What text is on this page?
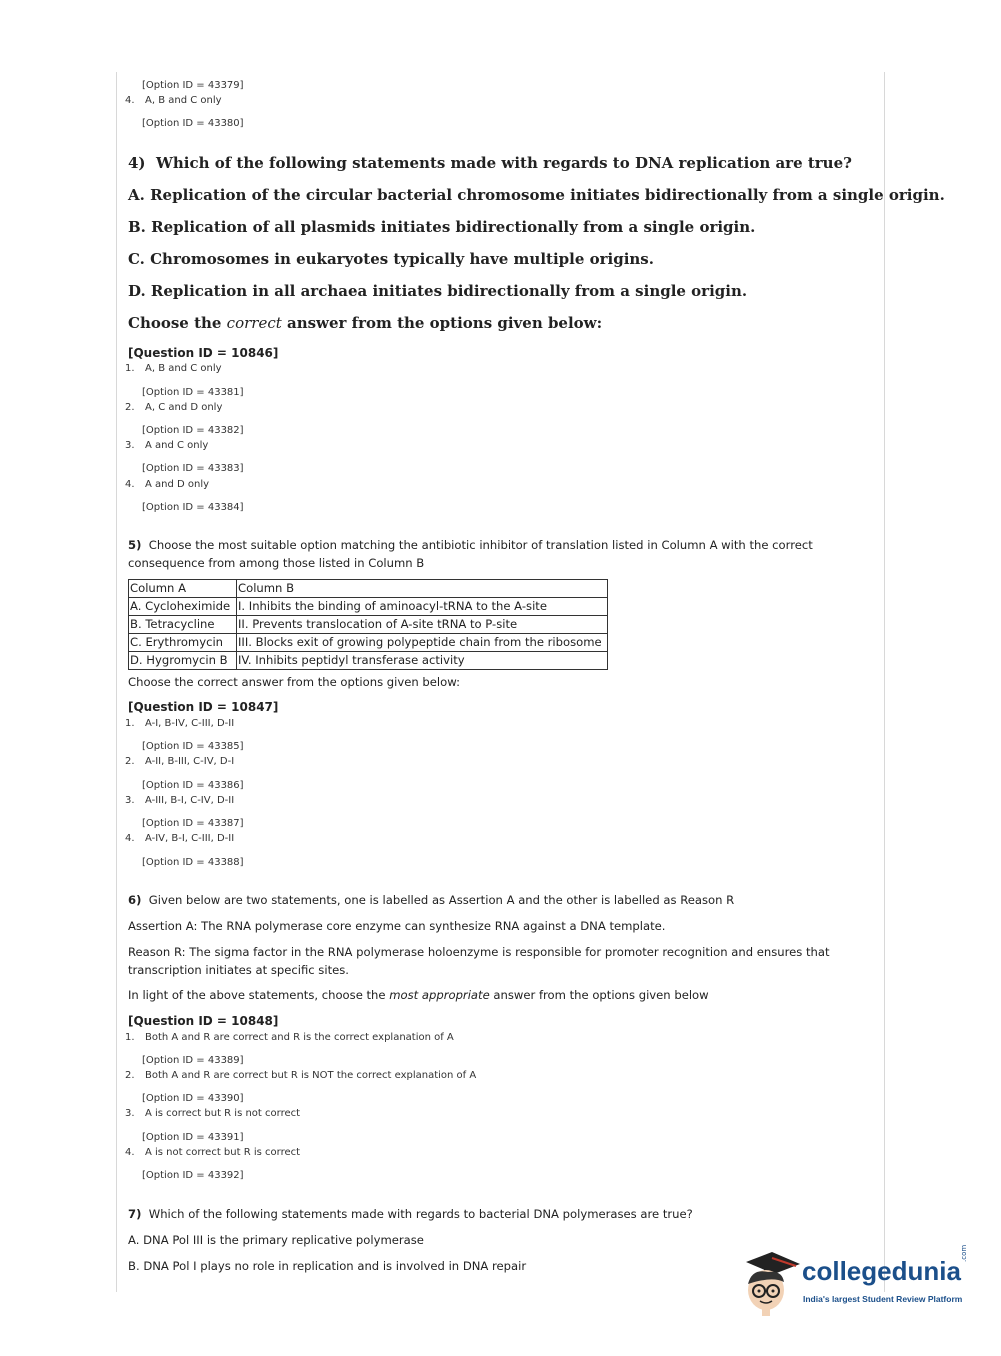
[Option ID = 43379]
4. A, B and C only
[Option ID = 43380]
4) Which of the following statements made with regards to DNA replication are true?
A. Replication of the circular bacterial chromosome initiates bidirectionally from a single origin.
B. Replication of all plasmids initiates bidirectionally from a single origin.
C. Chromosomes in eukaryotes typically have multiple origins.
D. Replication in all archaea initiates bidirectionally from a single origin.
Choose the correct answer from the options given below:
[Question ID = 10846]
1. A, B and C only
[Option ID = 43381]
2. A, C and D only
[Option ID = 43382]
3. A and C only
[Option ID = 43383]
4. A and D only
[Option ID = 43384]
5) Choose the most suitable option matching the antibiotic inhibitor of translation listed in Column A with the correct
consequence from among those listed in Column B
Column A	Column B
A. Cycloheximide	I. Inhibits the binding of aminoacyl-tRNA to the A-site
B. Tetracycline	II. Prevents translocation of A-site tRNA to P-site
C. Erythromycin	III. Blocks exit of growing polypeptide chain from the ribosome
D. Hygromycin B	IV. Inhibits peptidyl transferase activity
Choose the correct answer from the options given below:
[Question ID = 10847]
1. A-I, B-IV, C-III, D-II
[Option ID = 43385]
2. A-II, B-III, C-IV, D-I
[Option ID = 43386]
3. A-III, B-I, C-IV, D-II
[Option ID = 43387]
4. A-IV, B-I, C-III, D-II
[Option ID = 43388]
6) Given below are two statements, one is labelled as Assertion A and the other is labelled as Reason R
Assertion A: The RNA polymerase core enzyme can synthesize RNA against a DNA template.
Reason R: The sigma factor in the RNA polymerase holoenzyme is responsible for promoter recognition and ensures that
transcription initiates at specific sites.
In light of the above statements, choose the most appropriate answer from the options given below
[Question ID = 10848]
1. Both A and R are correct and R is the correct explanation of A
[Option ID = 43389]
2. Both A and R are correct but R is NOT the correct explanation of A
[Option ID = 43390]
3. A is correct but R is not correct
[Option ID = 43391]
4. A is not correct but R is correct
[Option ID = 43392]
7) Which of the following statements made with regards to bacterial DNA polymerases are true?
A. DNA Pol III is the primary replicative polymerase
B. DNA Pol I plays no role in replication and is involved in DNA repair	collegedunia
.com
India's largest Student Review Platform
